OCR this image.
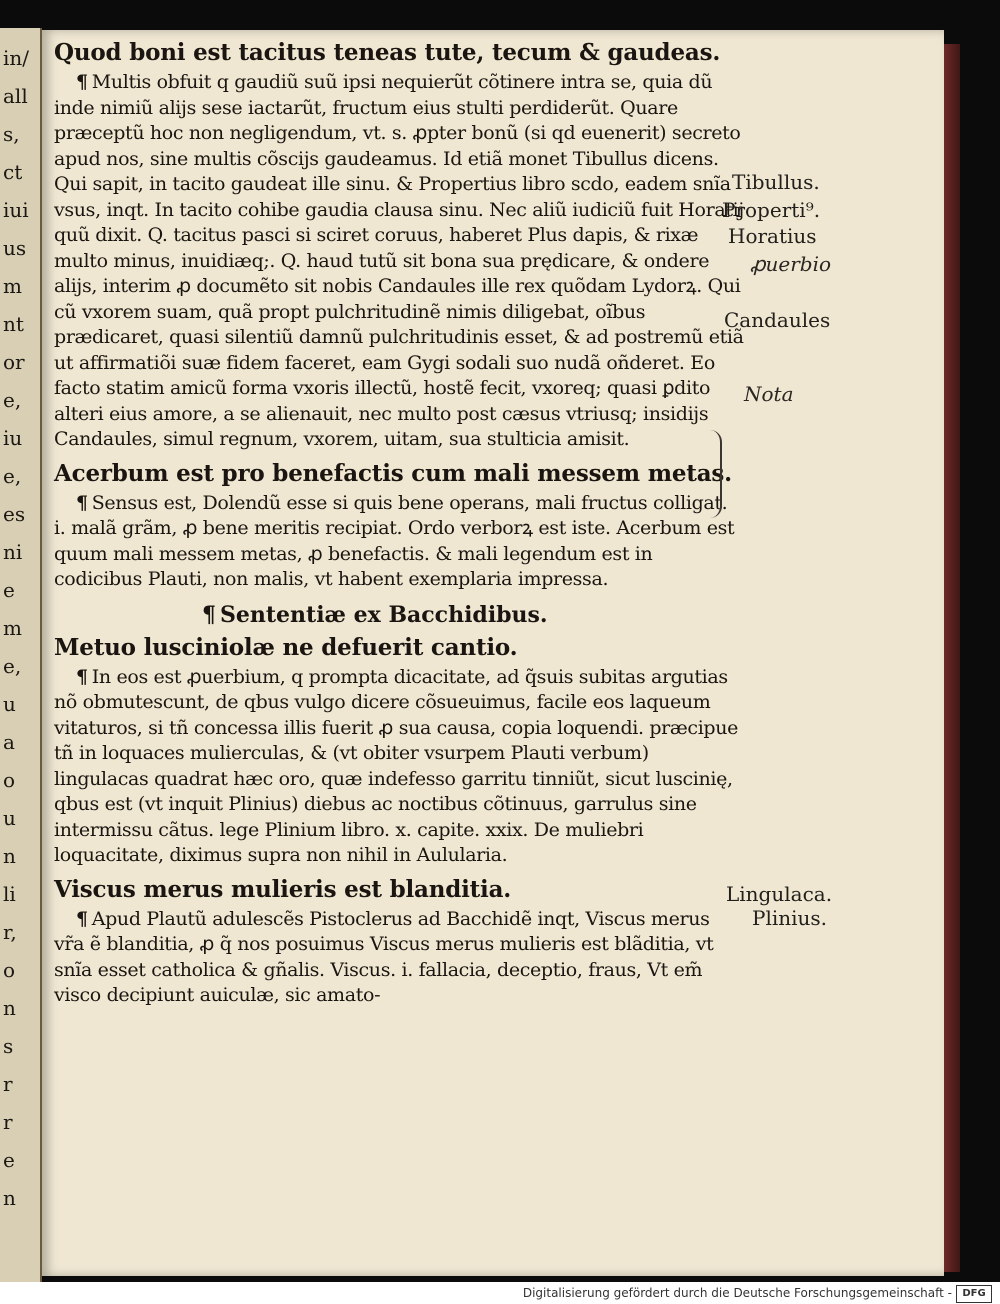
in/
all
s,
ct
iui
us
m
nt
or
e,
iu
e,
es
ni
e
m
e,
u
a
o
u
n
li
r,
o
n
s
r
r
e
n
Quod boni est tacitus teneas tute, tecum & gaudeas.

¶ Multis obfuit q gaudiũ suũ ipsi nequierũt cõtinere intra se, quia dũ inde nimiũ alijs sese iactarũt, fructum eius stulti perdiderũt. Quare præceptũ hoc non negligendum, vt. s. ꝓpter bonũ (si qd euenerit) secreto apud nos, sine multis cõscijs gaudeamus. Id etiã monet Tibullus dicens. Qui sapit, in tacito gaudeat ille sinu. & Propertius libro scdo, eadem snĩa vsus, inqt. In tacito cohibe gaudia clausa sinu. Nec aliũ iudiciũ fuit Horatij quũ dixit. Q. tacitus pasci si sciret coruus, haberet Plus dapis, & rixæ multo minus, inuidiæq;. Q. haud tutũ sit bona sua prędicare, & ondere alijs, interim ꝓ documẽto sit nobis Candaules ille rex quõdam Lydorꝝ. Qui cũ vxorem suam, quã propt pulchritudinẽ nimis diligebat, oĩbus prædicaret, quasi silentiũ damnũ pulchritudinis esset, & ad postremũ etiã ut affirmatiõi suæ fidem faceret, eam Gygi sodali suo nudã oñderet. Eo facto statim amicũ forma vxoris illectũ, hostẽ fecit, vxoreq; quasi ꝑdito alteri eius amore, a se alienauit, nec multo post cæsus vtriusq; insidijs Candaules, simul regnum, vxorem, uitam, sua stulticia amisit.

Acerbum est pro benefactis cum mali messem metas.

¶ Sensus est, Dolendũ esse si quis bene operans, mali fructus colligat. i. malã grãm, ꝓ bene meritis recipiat. Ordo verborꝝ est iste. Acerbum est quum mali messem metas, ꝓ benefactis. & mali legendum est in codicibus Plauti, non malis, vt habent exemplaria impressa.

¶ Sententiæ ex Bacchidibus.
Metuo lusciniolæ ne defuerit cantio.

¶ In eos est ꝓuerbium, q prompta dicacitate, ad q̃suis subitas argutias nõ obmutescunt, de qbus vulgo dicere cõsueuimus, facile eos laqueum vitaturos, si tñ concessa illis fuerit ꝓ sua causa, copia loquendi. præcipue tñ in loquaces mulierculas, & (vt obiter vsurpem Plauti verbum) lingulacas quadrat hæc oro, quæ indefesso garritu tinniũt, sicut luscinię, qbus est (vt inquit Plinius) diebus ac noctibus cõtinuus, garrulus sine intermissu cãtus. lege Plinium libro. x. capite. xxix. De muliebri loquacitate, diximus supra non nihil in Aulularia.

Viscus merus mulieris est blanditia.

¶ Apud Plautũ adulescẽs Pistoclerus ad Bacchidẽ inqt, Viscus merus vr̃a ẽ blanditia, ꝓ q̃ nos posuimus Viscus merus mulieris est blãditia, vt snĩa esset catholica & gñalis. Viscus. i. fallacia, deceptio, fraus, Vt em̃ visco decipiunt auiculæ, sic amato-

Tibullus.
Properti⁹.
Horatius
ꝓuerbio
Candaules
Nota
Lingulaca.
Plinius.
Digitalisierung gefördert durch die Deutsche Forschungsgemeinschaft -	DFG
